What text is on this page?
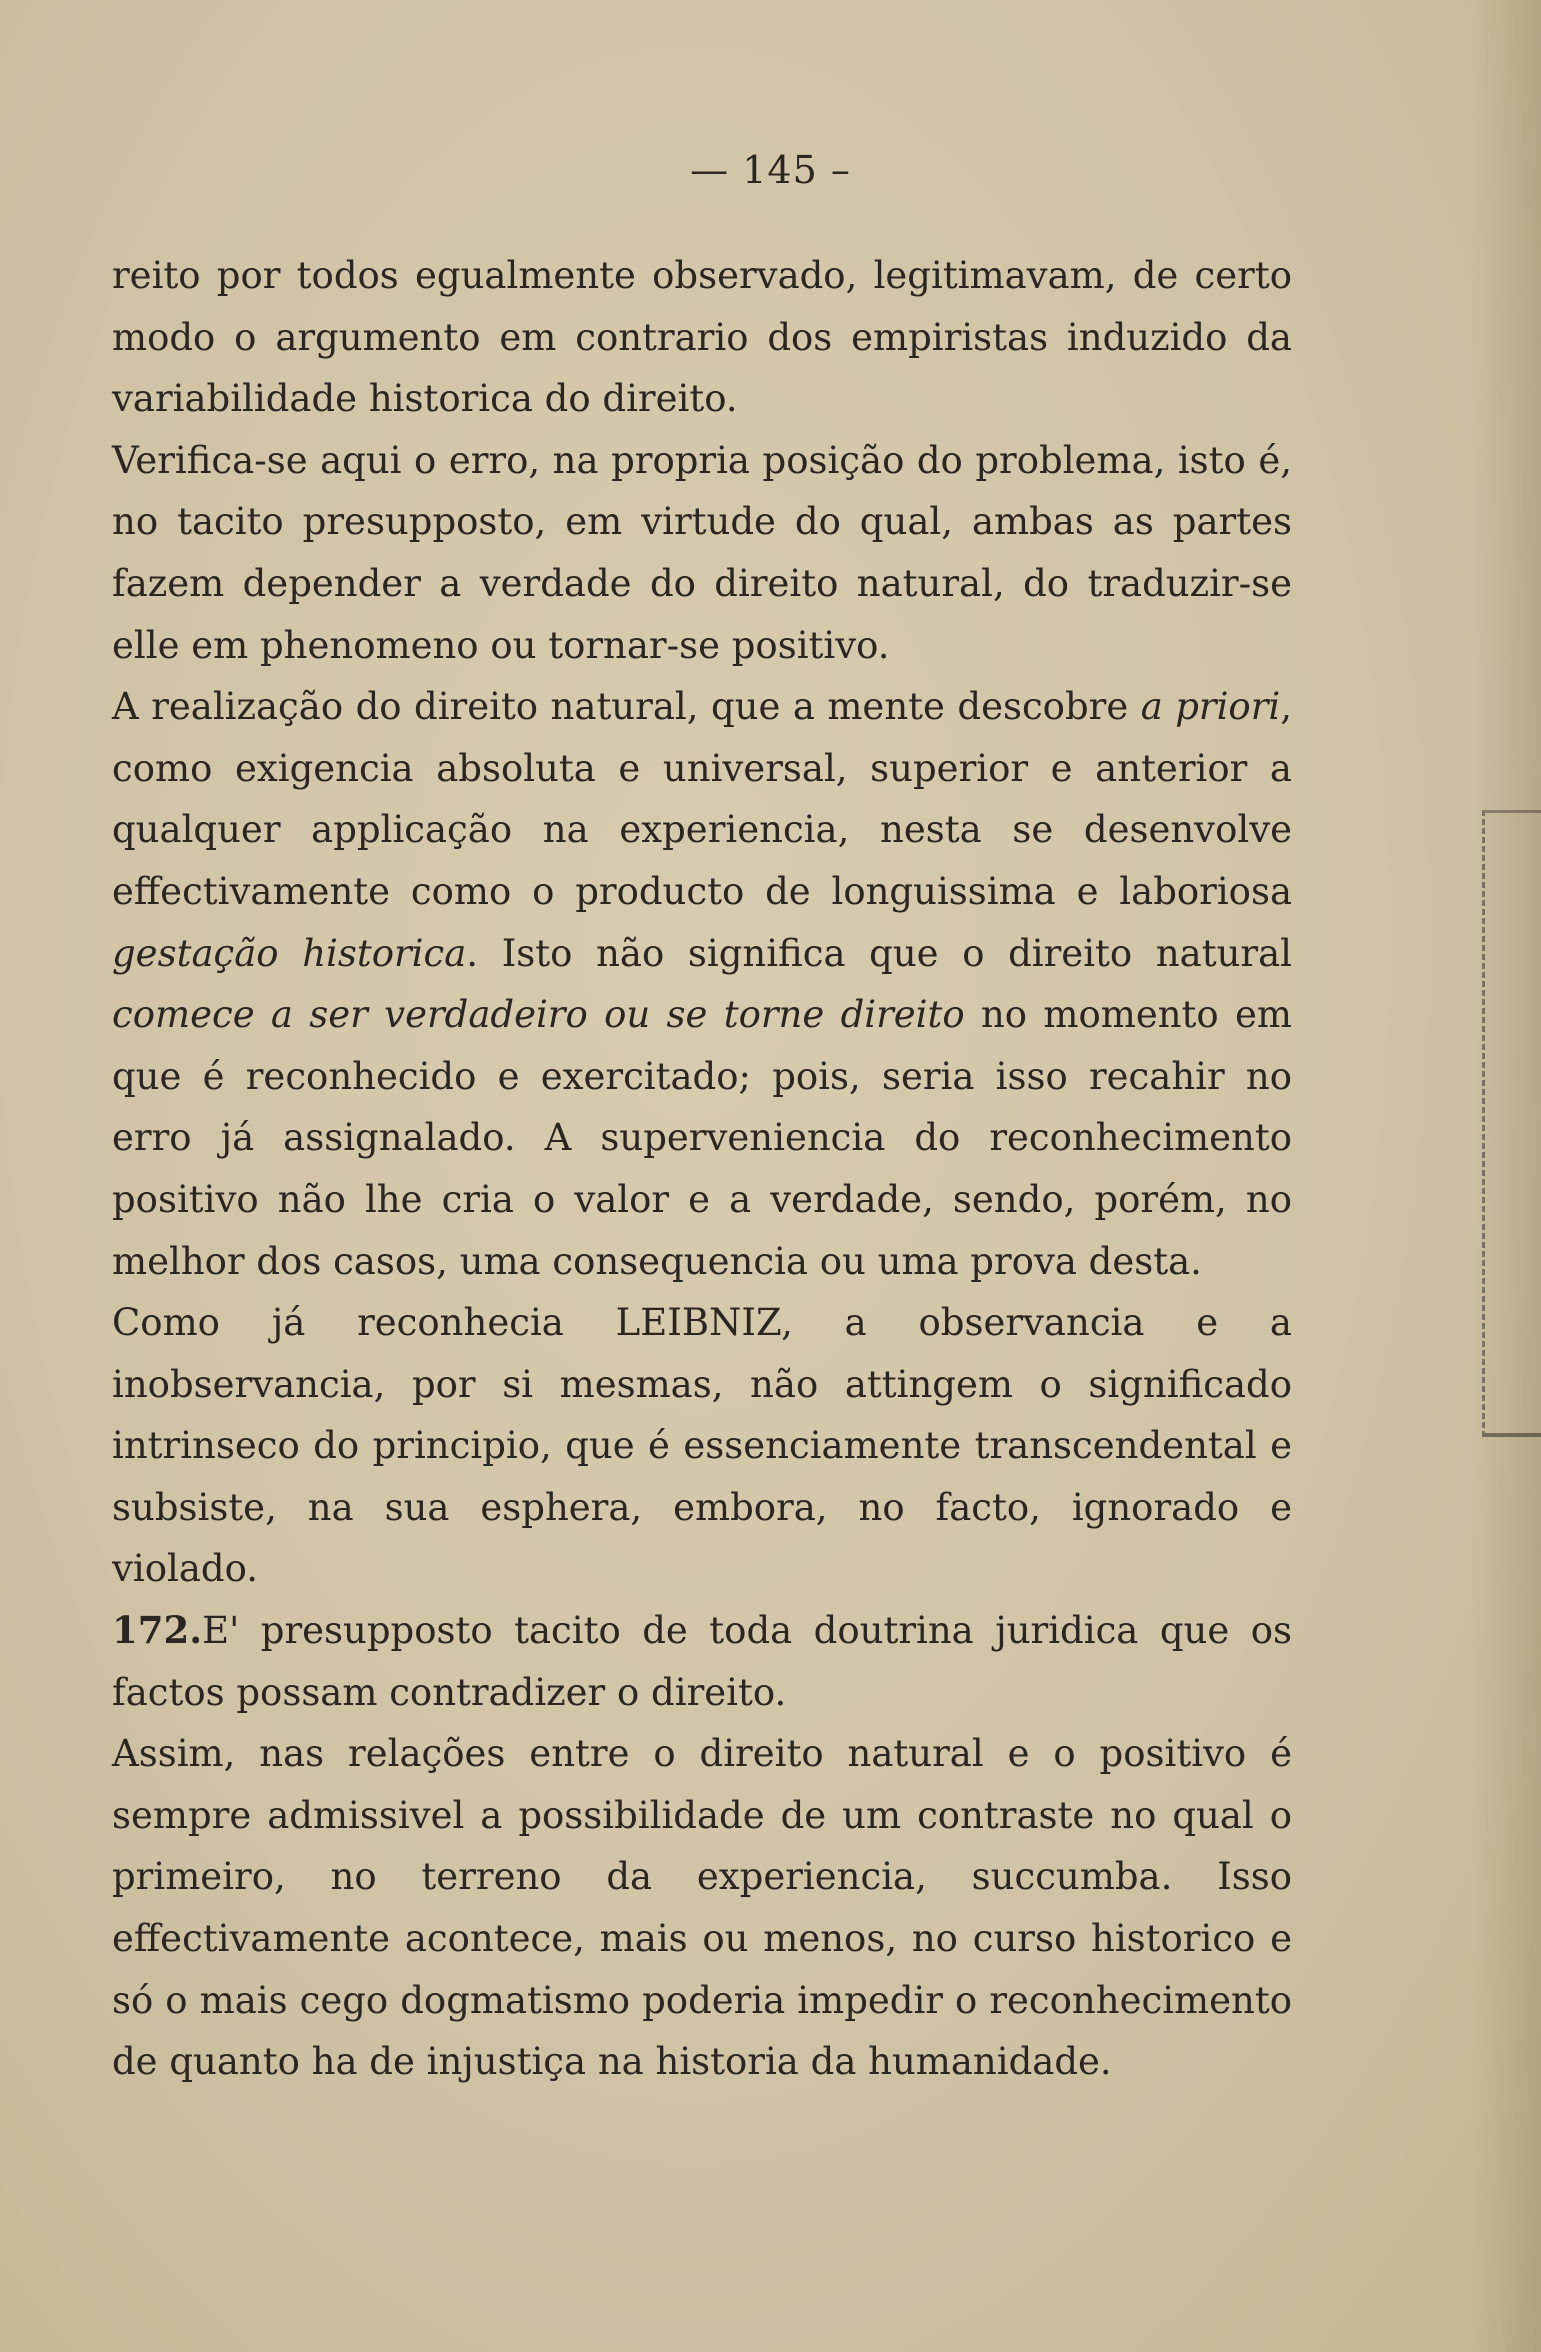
— 145 –

reito por todos egualmente observado, legitimavam, de certo modo o argumento em contrario dos empiristas induzido da variabilidade historica do direito.

Verifica-se aqui o erro, na propria posição do problema, isto é, no tacito presupposto, em virtude do qual, ambas as partes fazem depender a verdade do direito natural, do traduzir-se elle em phenomeno ou tornar-se positivo.

A realização do direito natural, que a mente descobre a priori, como exigencia absoluta e universal, superior e anterior a qualquer applicação na experiencia, nesta se desenvolve effectivamente como o producto de longuissima e laboriosa gestação historica. Isto não significa que o direito natural comece a ser verdadeiro ou se torne direito no momento em que é reconhecido e exercitado; pois, seria isso recahir no erro já assignalado. A superveniencia do reconhecimento positivo não lhe cria o valor e a verdade, sendo, porém, no melhor dos casos, uma consequencia ou uma prova desta.

Como já reconhecia LEIBNIZ, a observancia e a inobservancia, por si mesmas, não attingem o significado intrinseco do principio, que é essenciamente transcendental e subsiste, na sua esphera, embora, no facto, ignorado e violado.

172.E' presupposto tacito de toda doutrina juridica que os factos possam contradizer o direito.

Assim, nas relações entre o direito natural e o positivo é sempre admissivel a possibilidade de um contraste no qual o primeiro, no terreno da experiencia, succumba. Isso effectivamente acontece, mais ou menos, no curso historico e só o mais cego dogmatismo poderia impedir o reconhecimento de quanto ha de injustiça na historia da humanidade.
